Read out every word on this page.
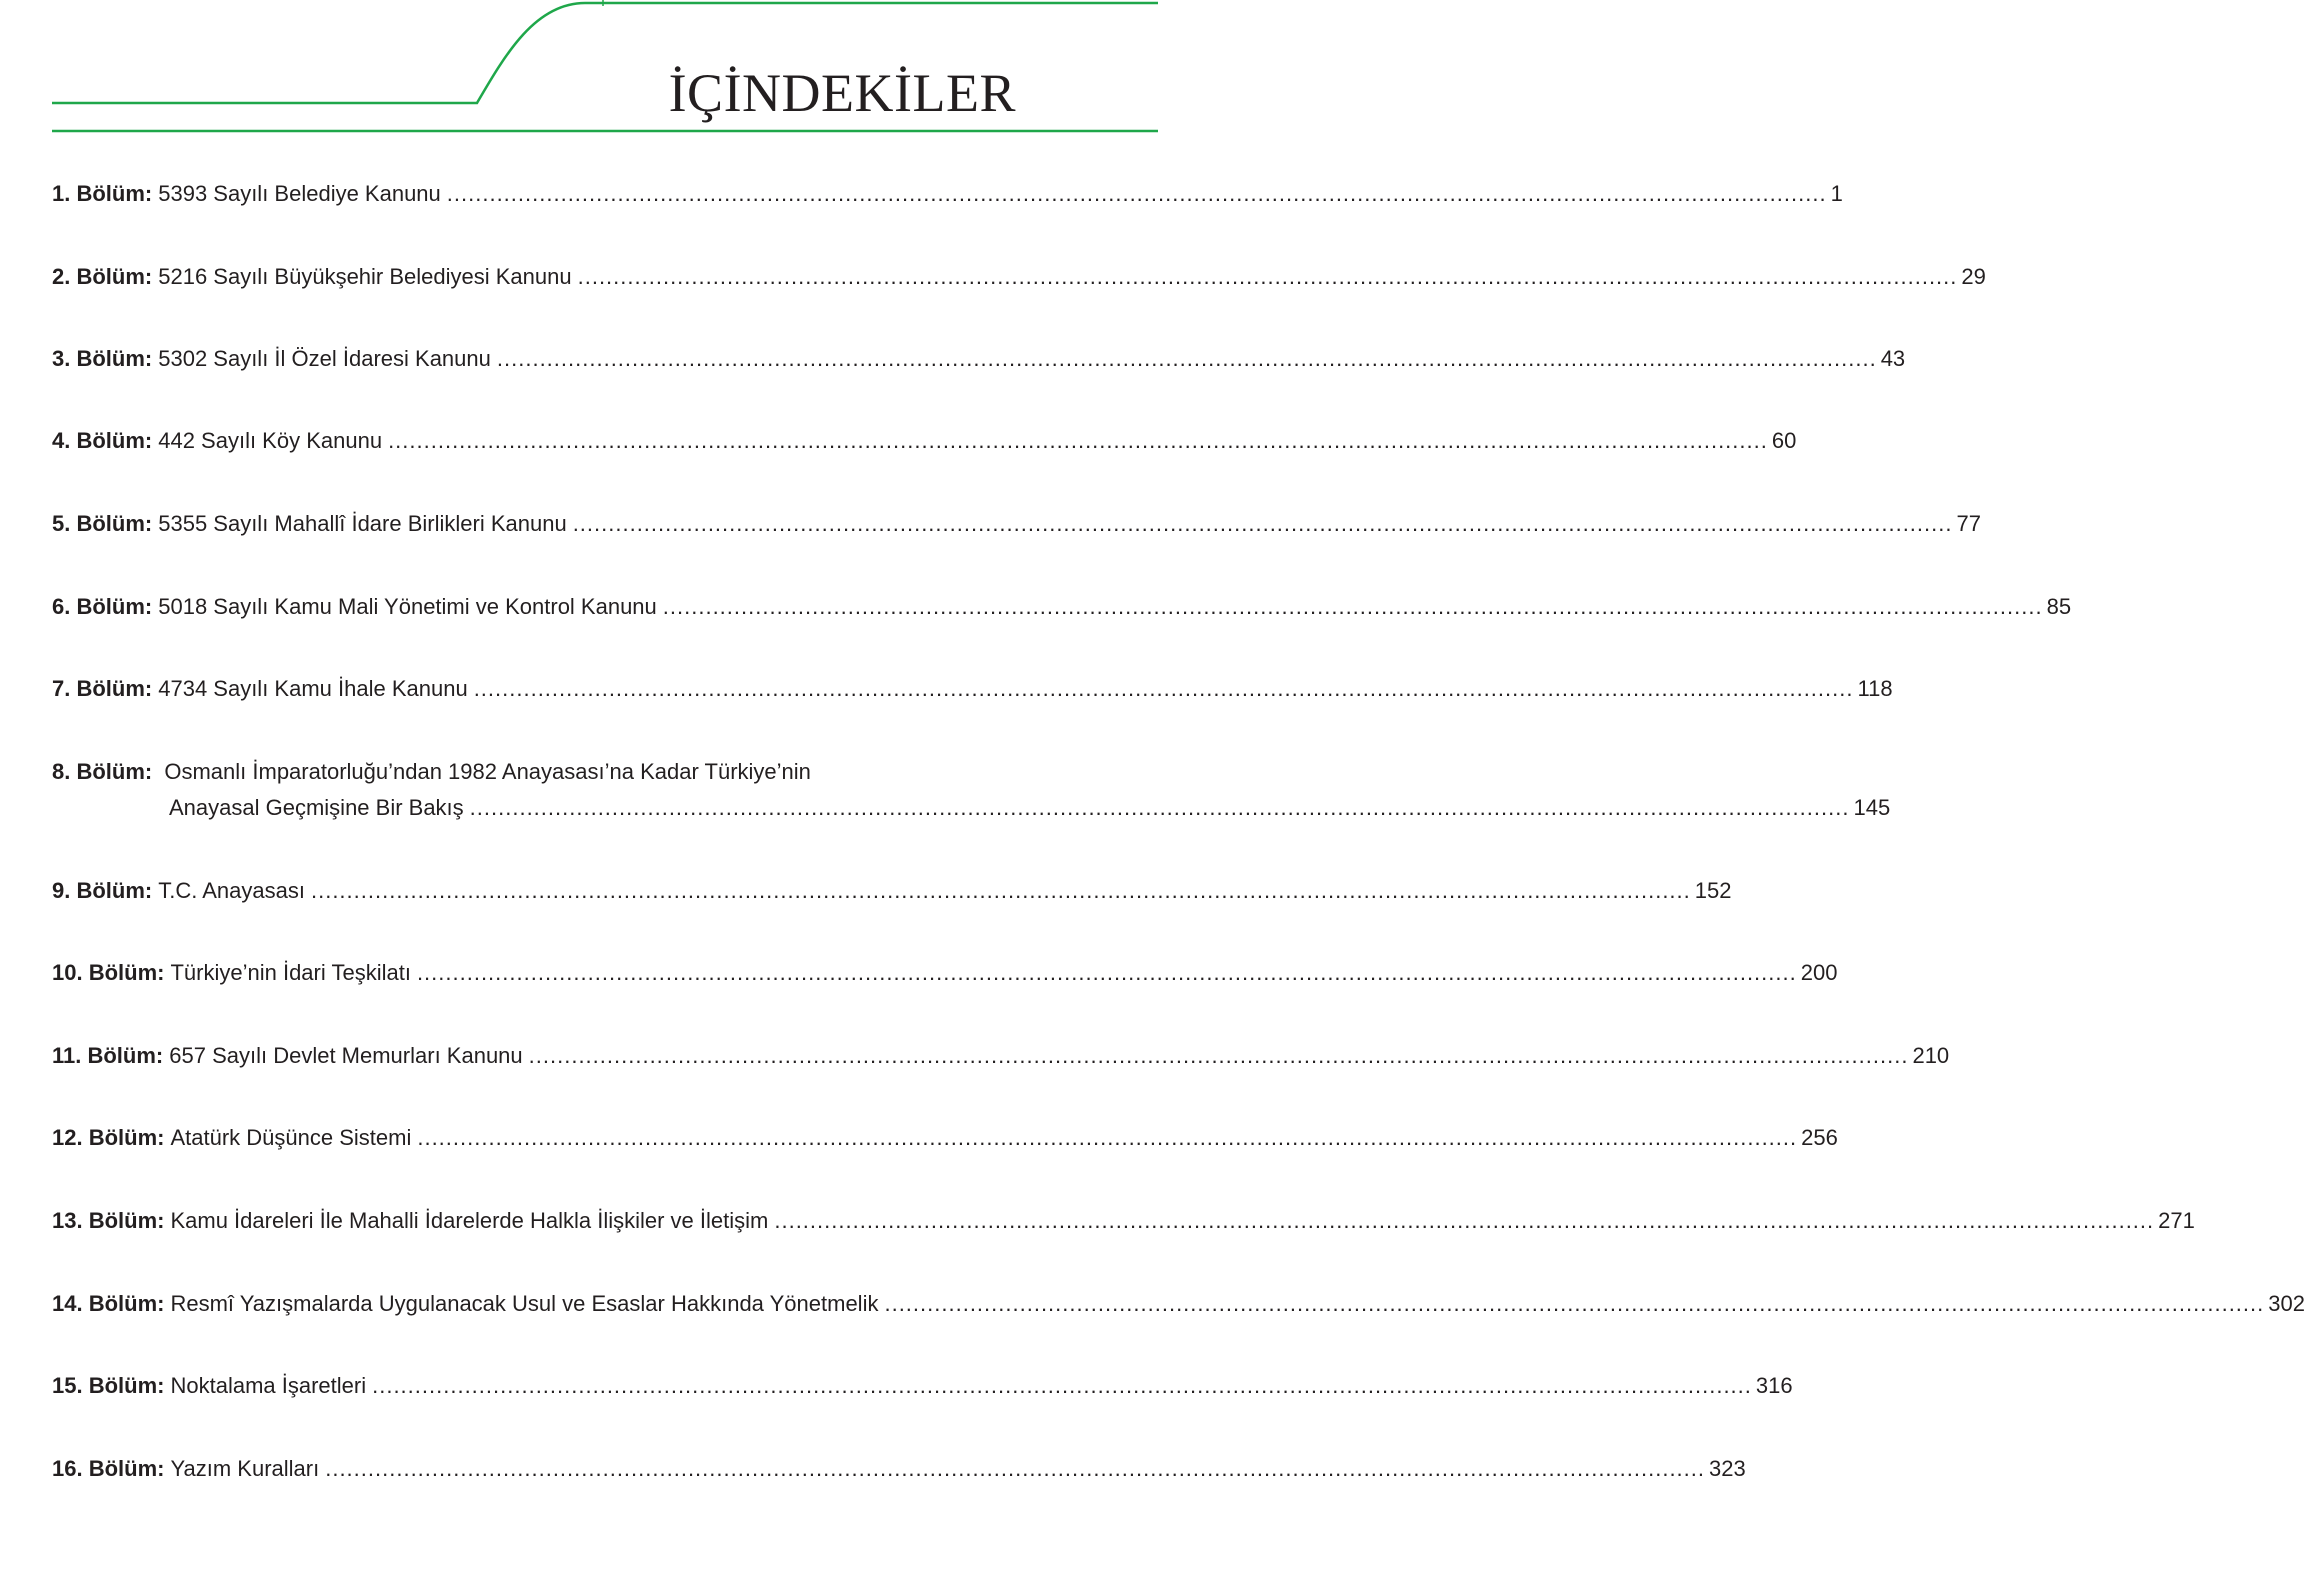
İÇİNDEKİLER
1. Bölüm: 5393 Sayılı Belediye Kanunu .................................................................................................................................................................................................. 1
2. Bölüm: 5216 Sayılı Büyükşehir Belediyesi Kanunu .................................................................................................................................................................................................. 29
3. Bölüm: 5302 Sayılı İl Özel İdaresi Kanunu .................................................................................................................................................................................................. 43
4. Bölüm: 442 Sayılı Köy Kanunu .................................................................................................................................................................................................. 60
5. Bölüm: 5355 Sayılı Mahallî İdare Birlikleri Kanunu .................................................................................................................................................................................................. 77
6. Bölüm: 5018 Sayılı Kamu Mali Yönetimi ve Kontrol Kanunu .................................................................................................................................................................................................. 85
7. Bölüm: 4734 Sayılı Kamu İhale Kanunu .................................................................................................................................................................................................. 118
8. Bölüm: Osmanlı İmparatorluğu’ndan 1982 Anayasası’na Kadar Türkiye’nin
Anayasal Geçmişine Bir Bakış .................................................................................................................................................................................................. 145
9. Bölüm: T.C. Anayasası .................................................................................................................................................................................................. 152
10. Bölüm: Türkiye’nin İdari Teşkilatı .................................................................................................................................................................................................. 200
11. Bölüm: 657 Sayılı Devlet Memurları Kanunu .................................................................................................................................................................................................. 210
12. Bölüm: Atatürk Düşünce Sistemi .................................................................................................................................................................................................. 256
13. Bölüm: Kamu İdareleri İle Mahalli İdarelerde Halkla İlişkiler ve İletişim .................................................................................................................................................................................................. 271
14. Bölüm: Resmî Yazışmalarda Uygulanacak Usul ve Esaslar Hakkında Yönetmelik .................................................................................................................................................................................................. 302
15. Bölüm: Noktalama İşaretleri .................................................................................................................................................................................................. 316
16. Bölüm: Yazım Kuralları .................................................................................................................................................................................................. 323
